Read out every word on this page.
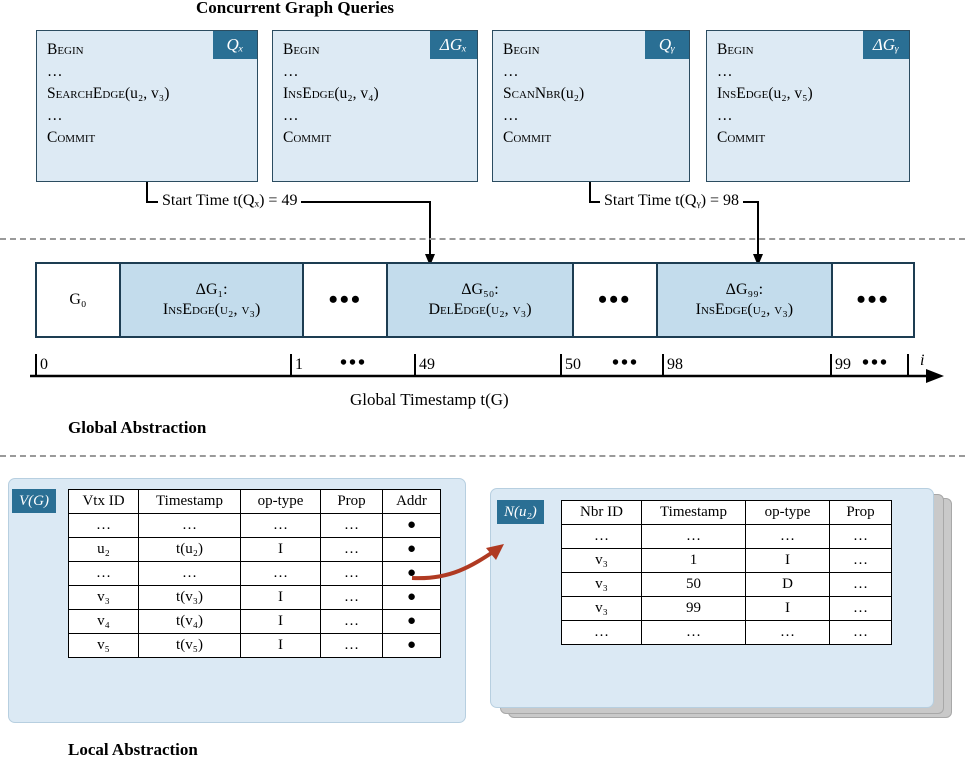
Concurrent Graph Queries
Qₓ
Begin
…
SearchEdge(u₂, v₃)
…
Commit
ΔGₓ
Begin
…
InsEdge(u₂, v₄)
…
Commit
Qᵧ
Begin
…
ScanNbr(u₂)
…
Commit
ΔGᵧ
Begin
…
InsEdge(u₂, v₅)
…
Commit
Start Time t(Qₓ) = 49	Start Time t(Qᵧ) = 98
G₀
ΔG₁:
InsEdge(u₂, v₃)	•••	ΔG₅₀:
DelEdge(u₂, v₃)	•••	ΔG₉₉:
InsEdge(u₂, v₃) •••
0	1 •••	49	50 ••• 98	99 ••• i
Global Timestamp t(G)
Global Abstraction
V(G)	Vtx ID	Timestamp	op-type	Prop	Addr
…	…	…	…	●
u₂	t(u₂)	I	…	●
…	…	…	…	●
v₃	t(v₃)	I	…	●
v₄	t(v₄)	I	…	●
v₅	t(v₅)	I	…	●
N(u₂)	Nbr ID	Timestamp	op-type	Prop
…	…	…	…
v₃	1	I	…
v₃	50	D	…
v₃	99	I	…
…	…	…	…
Local Abstraction
